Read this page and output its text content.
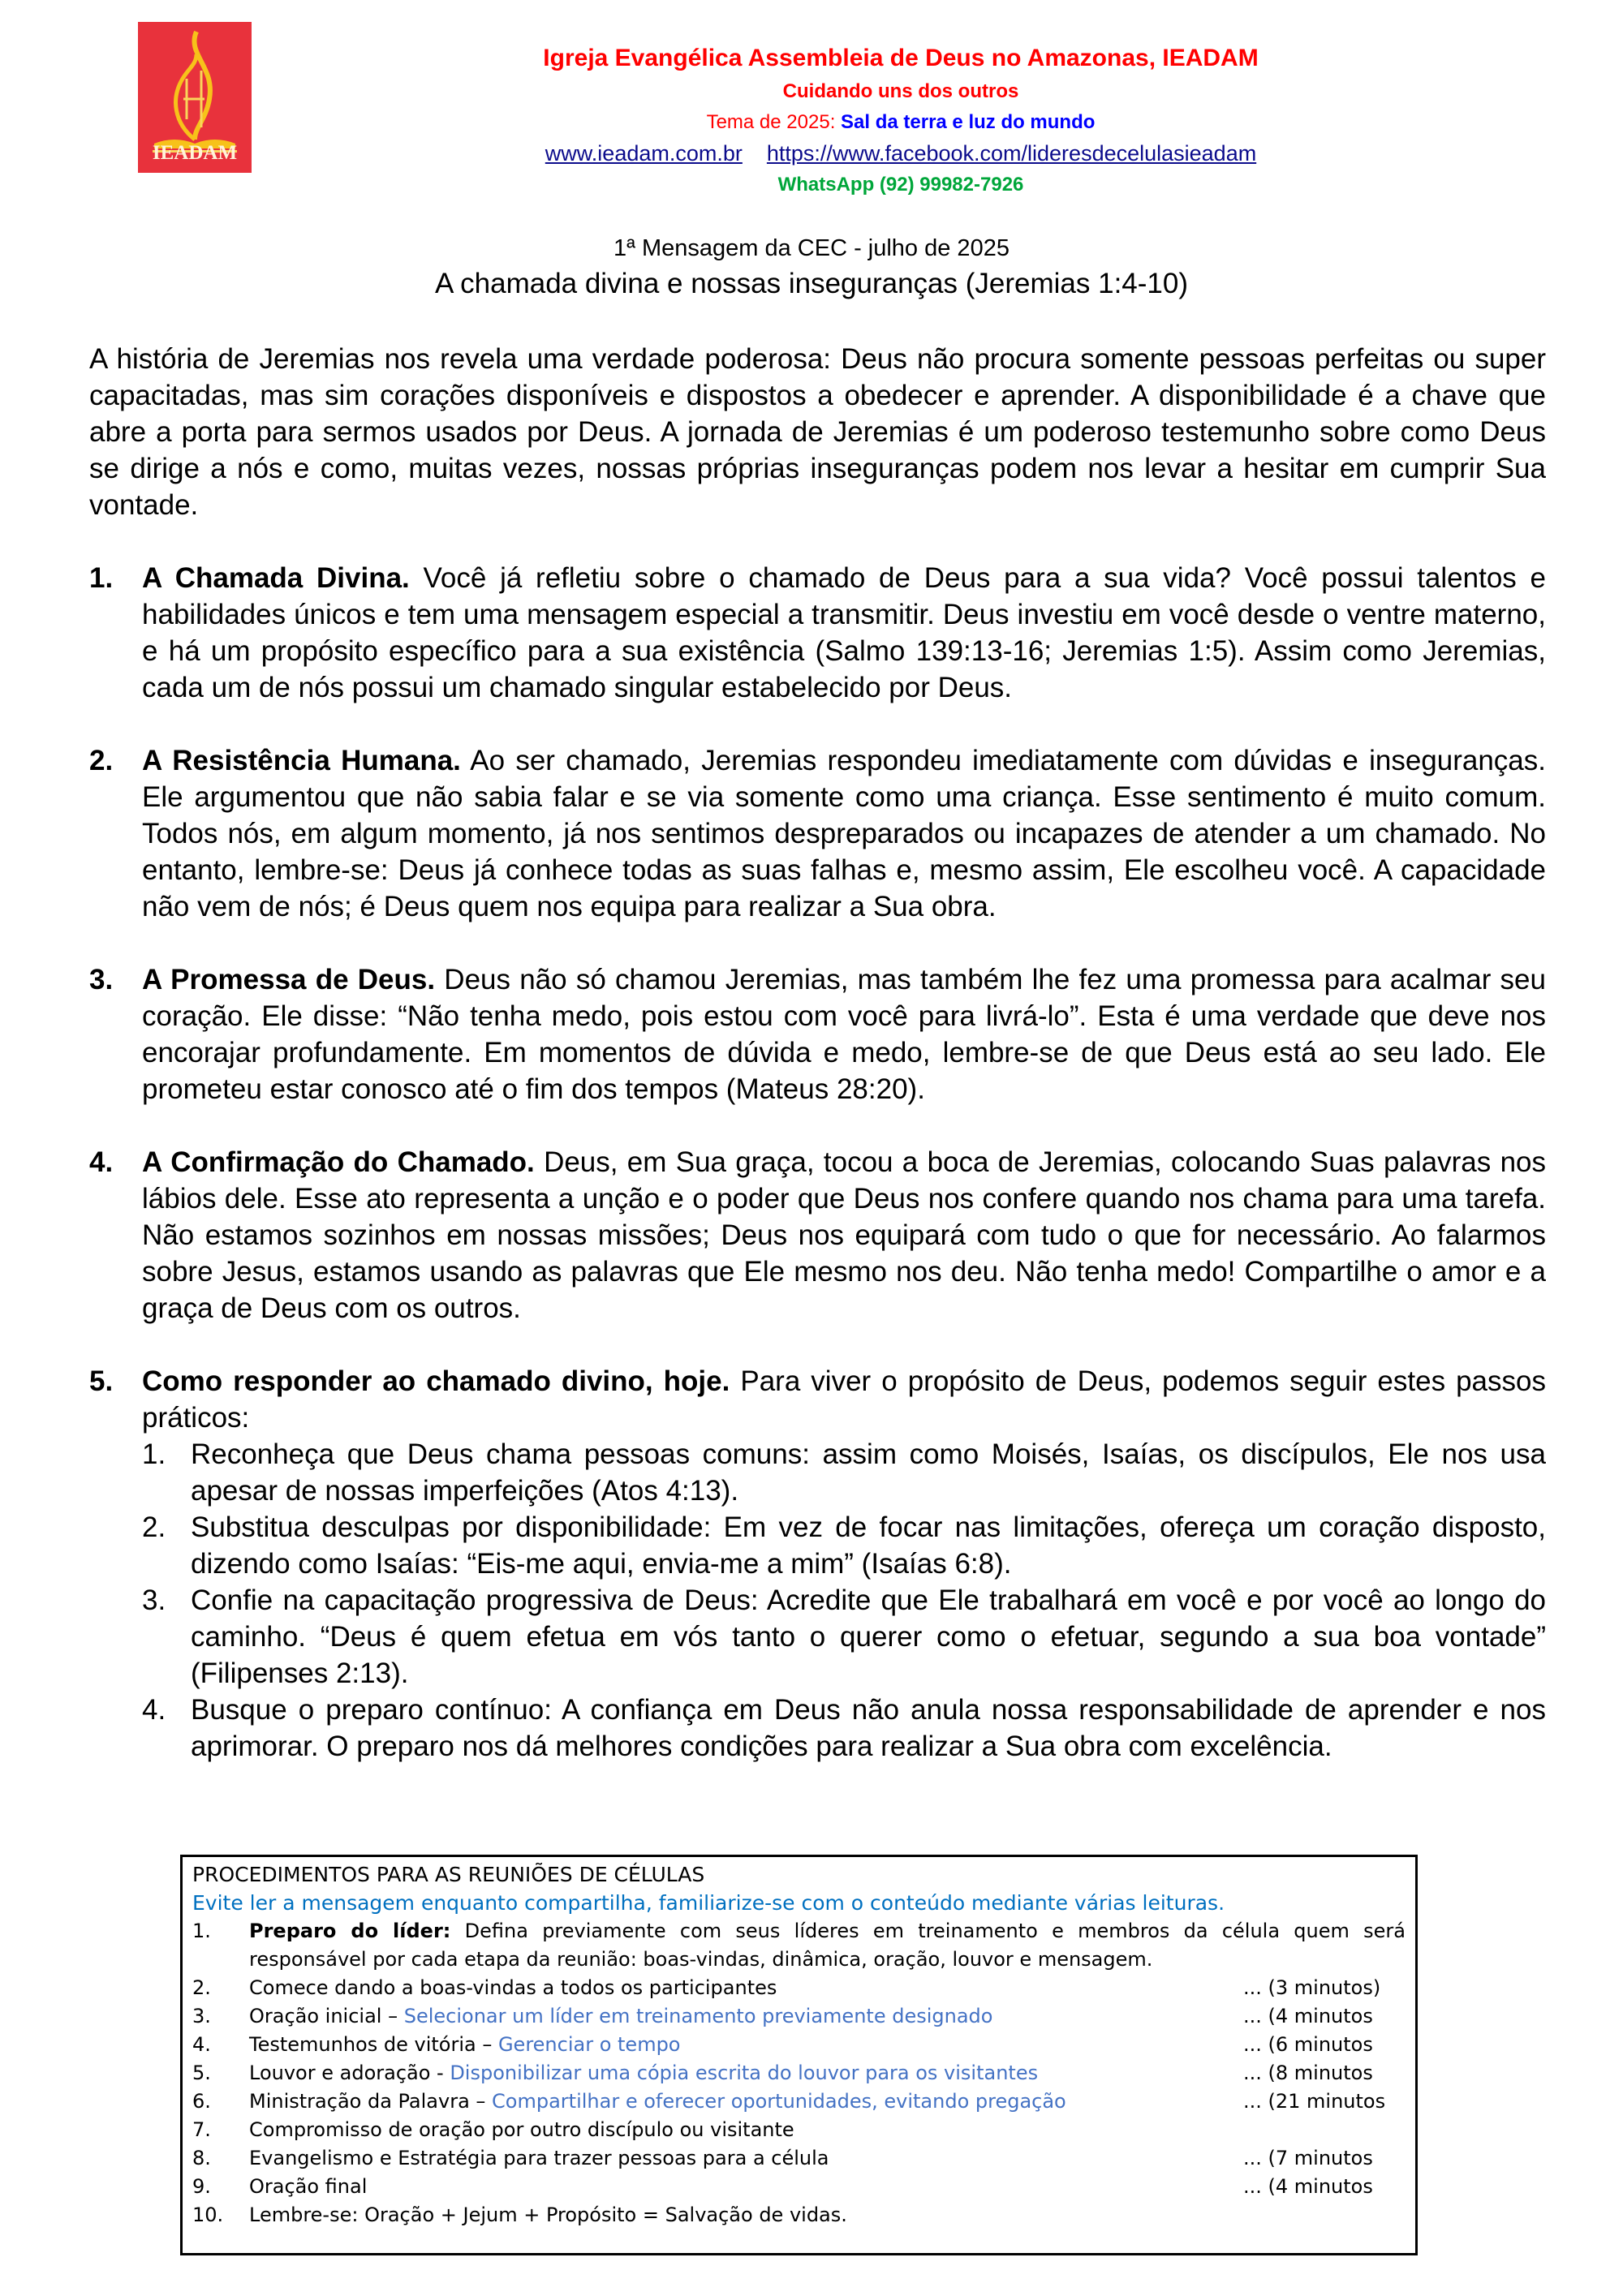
IEADAM
Igreja Evangélica Assembleia de Deus no Amazonas, IEADAM
Cuidando uns dos outros
Tema de 2025: Sal da terra e luz do mundo
www.ieadam.com.br https://www.facebook.com/lideresdecelulasieadam
WhatsApp (92) 99982-7926
1ª Mensagem da CEC - julho de 2025
A chamada divina e nossas inseguranças (Jeremias 1:4-10)

A história de Jeremias nos revela uma verdade poderosa: Deus não procura somente pessoas perfeitas ou super capacitadas, mas sim corações disponíveis e dispostos a obedecer e aprender. A disponibilidade é a chave que abre a porta para sermos usados por Deus. A jornada de Jeremias é um poderoso testemunho sobre como Deus se dirige a nós e como, muitas vezes, nossas próprias inseguranças podem nos levar a hesitar em cumprir Sua vontade.

1. A Chamada Divina. Você já refletiu sobre o chamado de Deus para a sua vida? Você possui talentos e habilidades únicos e tem uma mensagem especial a transmitir. Deus investiu em você desde o ventre materno, e há um propósito específico para a sua existência (Salmo 139:13-16; Jeremias 1:5). Assim como Jeremias, cada um de nós possui um chamado singular estabelecido por Deus.
2. A Resistência Humana. Ao ser chamado, Jeremias respondeu imediatamente com dúvidas e inseguranças. Ele argumentou que não sabia falar e se via somente como uma criança. Esse sentimento é muito comum. Todos nós, em algum momento, já nos sentimos despreparados ou incapazes de atender a um chamado. No entanto, lembre-se: Deus já conhece todas as suas falhas e, mesmo assim, Ele escolheu você. A capacidade não vem de nós; é Deus quem nos equipa para realizar a Sua obra.
3. A Promessa de Deus. Deus não só chamou Jeremias, mas também lhe fez uma promessa para acalmar seu coração. Ele disse: “Não tenha medo, pois estou com você para livrá-lo”. Esta é uma verdade que deve nos encorajar profundamente. Em momentos de dúvida e medo, lembre-se de que Deus está ao seu lado. Ele prometeu estar conosco até o fim dos tempos (Mateus 28:20).
4. A Confirmação do Chamado. Deus, em Sua graça, tocou a boca de Jeremias, colocando Suas palavras nos lábios dele. Esse ato representa a unção e o poder que Deus nos confere quando nos chama para uma tarefa. Não estamos sozinhos em nossas missões; Deus nos equipará com tudo o que for necessário. Ao falarmos sobre Jesus, estamos usando as palavras que Ele mesmo nos deu. Não tenha medo! Compartilhe o amor e a graça de Deus com os outros.
5. Como responder ao chamado divino, hoje. Para viver o propósito de Deus, podemos seguir estes passos práticos:
1. Reconheça que Deus chama pessoas comuns: assim como Moisés, Isaías, os discípulos, Ele nos usa apesar de nossas imperfeições (Atos 4:13).
2. Substitua desculpas por disponibilidade: Em vez de focar nas limitações, ofereça um coração disposto, dizendo como Isaías: “Eis-me aqui, envia-me a mim” (Isaías 6:8).
3. Confie na capacitação progressiva de Deus: Acredite que Ele trabalhará em você e por você ao longo do caminho. “Deus é quem efetua em vós tanto o querer como o efetuar, segundo a sua boa vontade” (Filipenses 2:13).
4. Busque o preparo contínuo: A confiança em Deus não anula nossa responsabilidade de aprender e nos aprimorar. O preparo nos dá melhores condições para realizar a Sua obra com excelência.
PROCEDIMENTOS PARA AS REUNIÕES DE CÉLULAS
Evite ler a mensagem enquanto compartilha, familiarize-se com o conteúdo mediante várias leituras.
1. Preparo do líder: Defina previamente com seus líderes em treinamento e membros da célula quem será responsável por cada etapa da reunião: boas-vindas, dinâmica, oração, louvor e mensagem.
2. Comece dando a boas-vindas a todos os participantes	... (3 minutos)
3. Oração inicial – Selecionar um líder em treinamento previamente designado	... (4 minutos
4. Testemunhos de vitória – Gerenciar o tempo	... (6 minutos
5. Louvor e adoração - Disponibilizar uma cópia escrita do louvor para os visitantes	... (8 minutos
6. Ministração da Palavra – Compartilhar e oferecer oportunidades, evitando pregação	... (21 minutos
7. Compromisso de oração por outro discípulo ou visitante
8. Evangelismo e Estratégia para trazer pessoas para a célula	... (7 minutos
9. Oração final	... (4 minutos
10. Lembre-se: Oração + Jejum + Propósito = Salvação de vidas.
